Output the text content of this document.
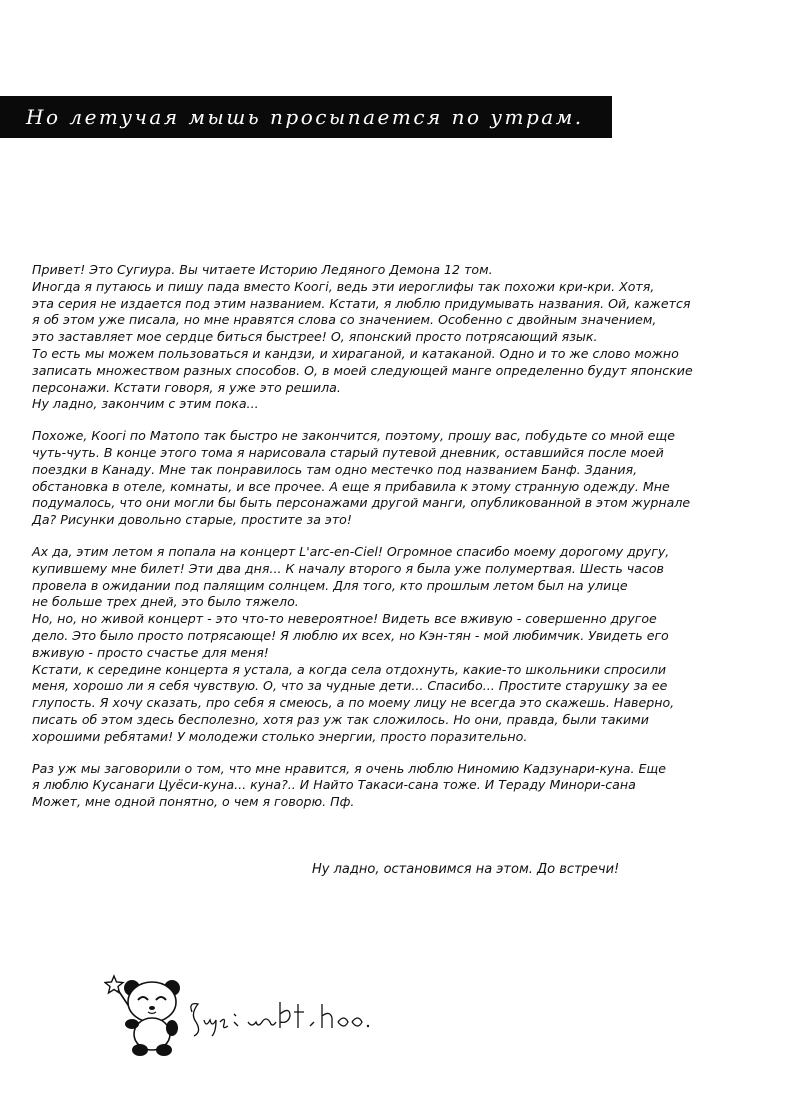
Но летучая мышь просыпается по утрам.
Привет! Это Сугиура. Вы читаете Историю Ледяного Демона 12 том.
Иногда я путаюсь и пишу пада вместо Коогі, ведь эти иероглифы так похожи кри-кри. Хотя,
эта серия не издается под этим названием. Кстати, я люблю придумывать названия. Ой, кажется
я об этом уже писала, но мне нравятся слова со значением. Особенно с двойным значением,
это заставляет мое сердце биться быстрее! О, японский просто потрясающий язык.
То есть мы можем пользоваться и кандзи, и хираганой, и катаканой. Одно и то же слово можно
записать множеством разных способов. О, в моей следующей манге определенно будут японские
персонажи. Кстати говоря, я уже это решила.
Ну ладно, закончим с этим пока...
Похоже, Коогі по Матопо так быстро не закончится, поэтому, прошу вас, побудьте со мной еще
чуть-чуть. В конце этого тома я нарисовала старый путевой дневник, оставшийся после моей
поездки в Канаду. Мне так понравилось там одно местечко под названием Банф. Здания,
обстановка в отеле, комнаты, и все прочее. А еще я прибавила к этому странную одежду. Мне
подумалось, что они могли бы быть персонажами другой манги, опубликованной в этом журнале
Да? Рисунки довольно старые, простите за это!
Ах да, этим летом я попала на концерт L'arc-en-Ciel! Огромное спасибо моему дорогому другу,
купившему мне билет! Эти два дня... К началу второго я была уже полумертвая. Шесть часов
провела в ожидании под палящим солнцем. Для того, кто прошлым летом был на улице
не больше трех дней, это было тяжело.
Но, но, но живой концерт - это что-то невероятное! Видеть все вживую - совершенно другое
дело. Это было просто потрясающе! Я люблю их всех, но Кэн-тян - мой любимчик. Увидеть его
вживую - просто счастье для меня!
Кстати, к середине концерта я устала, а когда села отдохнуть, какие-то школьники спросили
меня, хорошо ли я себя чувствую. О, что за чудные дети... Спасибо... Простите старушку за ее
глупость. Я хочу сказать, про себя я смеюсь, а по моему лицу не всегда это скажешь. Наверно,
писать об этом здесь бесполезно, хотя раз уж так сложилось. Но они, правда, были такими
хорошими ребятами! У молодежи столько энергии, просто поразительно.
Раз уж мы заговорили о том, что мне нравится, я очень люблю Ниномию Кадзунари-куна. Еще
я люблю Кусанаги Цуёси-куна... куна?.. И Найто Такаси-сана тоже. И Тераду Минори-сана
Может, мне одной понятно, о чем я говорю. Пф.
Ну ладно, остановимся на этом. До встречи!
